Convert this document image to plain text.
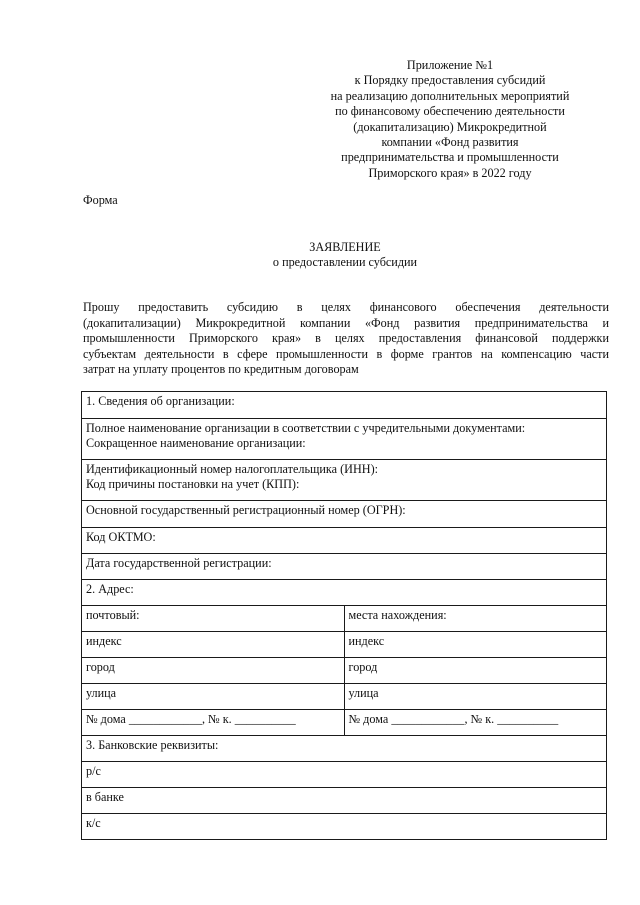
Приложение №1
к Порядку предоставления субсидий
на реализацию дополнительных мероприятий
по финансовому обеспечению деятельности
(докапитализацию) Микрокредитной
компании «Фонд развития
предпринимательства и промышленности
Приморского края» в 2022 году
Форма
ЗАЯВЛЕНИЕ
о предоставлении субсидии
Прошу предоставить субсидию в целях финансового обеспечения деятельности
(докапитализации) Микрокредитной компании «Фонд развития предпринимательства и
промышленности Приморского края» в целях предоставления финансовой поддержки
субъектам деятельности в сфере промышленности в форме грантов на компенсацию части
затрат на уплату процентов по кредитным договорам
1. Сведения об организации:	

Полное наименование организации в соответствии с учредительными документами:
Сокращенное наименование организации:	

Идентификационный номер налогоплательщика (ИНН):
Код причины постановки на учет (КПП):	

Основной государственный регистрационный номер (ОГРН):	
Код ОКТМО:	
Дата государственной регистрации:	
2. Адрес:	
почтовый:	места нахождения:
индекс	индекс
город	город
улица	улица
№ дома ____________, № к. __________	№ дома ____________, № к. __________
3. Банковские реквизиты:	
р/с	
в банке	
к/с	
